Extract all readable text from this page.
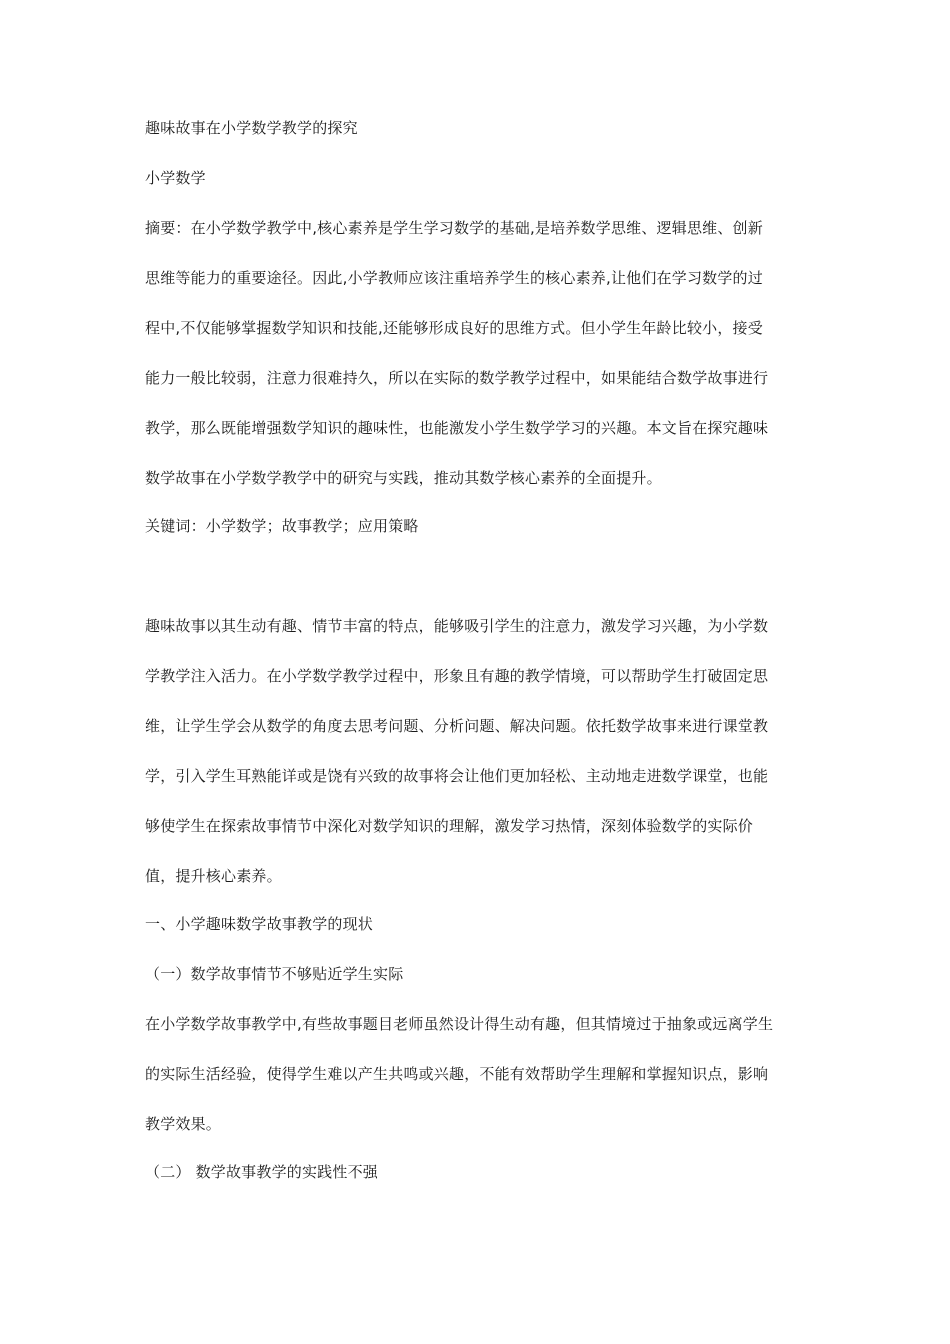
趣味故事在小学数学教学的探究
小学数学
摘要：在小学数学教学中,核心素养是学生学习数学的基础,是培养数学思维、逻辑思维、创新
思维等能力的重要途径。因此,小学教师应该注重培养学生的核心素养,让他们在学习数学的过
程中,不仅能够掌握数学知识和技能,还能够形成良好的思维方式。但小学生年龄比较小，接受
能力一般比较弱，注意力很难持久，所以在实际的数学教学过程中，如果能结合数学故事进行
教学，那么既能增强数学知识的趣味性，也能激发小学生数学学习的兴趣。本文旨在探究趣味
数学故事在小学数学教学中的研究与实践，推动其数学核心素养的全面提升。
关键词：小学数学；故事教学；应用策略
趣味故事以其生动有趣、情节丰富的特点，能够吸引学生的注意力，激发学习兴趣，为小学数
学教学注入活力。在小学数学教学过程中，形象且有趣的教学情境，可以帮助学生打破固定思
维，让学生学会从数学的角度去思考问题、分析问题、解决问题。依托数学故事来进行课堂教
学，引入学生耳熟能详或是饶有兴致的故事将会让他们更加轻松、主动地走进数学课堂，也能
够使学生在探索故事情节中深化对数学知识的理解，激发学习热情，深刻体验数学的实际价
值，提升核心素养。
一、小学趣味数学故事教学的现状
（一）数学故事情节不够贴近学生实际
在小学数学故事教学中,有些故事题目老师虽然设计得生动有趣，但其情境过于抽象或远离学生
的实际生活经验，使得学生难以产生共鸣或兴趣，不能有效帮助学生理解和掌握知识点，影响
教学效果。
（二） 数学故事教学的实践性不强
